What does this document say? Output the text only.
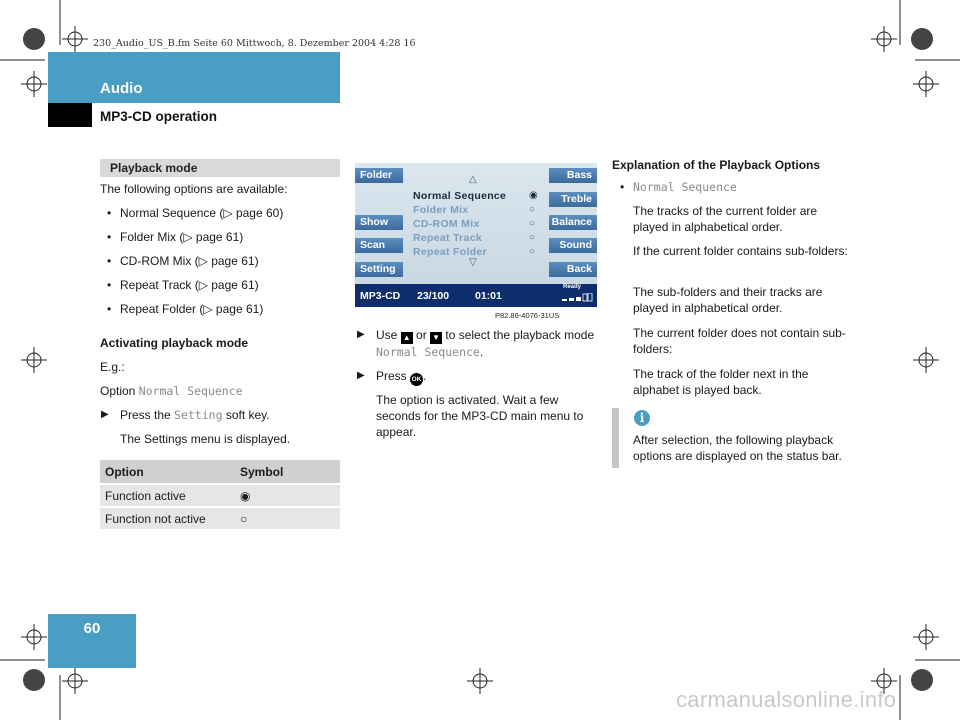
230_Audio_US_B.fm Seite 60 Mittwoch, 8. Dezember 2004 4:28 16
Audio
MP3-CD operation
Playback mode
The following options are available:
• Normal Sequence (▷ page 60)
• Folder Mix (▷ page 61)
• CD-ROM Mix (▷ page 61)
• Repeat Track (▷ page 61)
• Repeat Folder (▷ page 61)
Activating playback mode
E.g.:
Option Normal Sequence
▶ Press the Setting soft key.
The Settings menu is displayed.
Option	Symbol
Function active	◉
Function not active	○
Folder
Show
Scan
Setting
Bass
Treble
Balance
Sound
Back
△
▽
Normal Sequence ◉
Folder Mix	○
CD-ROM Mix	○
Repeat Track	○
Repeat Folder	○
MP3-CD 23/100 01:01
Ready
P82.86-4076-31US
▶ Use ▲ or ▼ to select the playback mode Normal Sequence.
▶ Press OK .
The option is activated. Wait a few seconds for the MP3-CD main menu to appear.
Explanation of the Playback Options
• Normal Sequence
The tracks of the current folder are played in alphabetical order.
If the current folder contains sub-folders:
The sub-folders and their tracks are played in alphabetical order.
The current folder does not contain sub-folders:
The track of the folder next in the alphabet is played back.
i
After selection, the following playback options are displayed on the status bar.
60
carmanualsonline.info
